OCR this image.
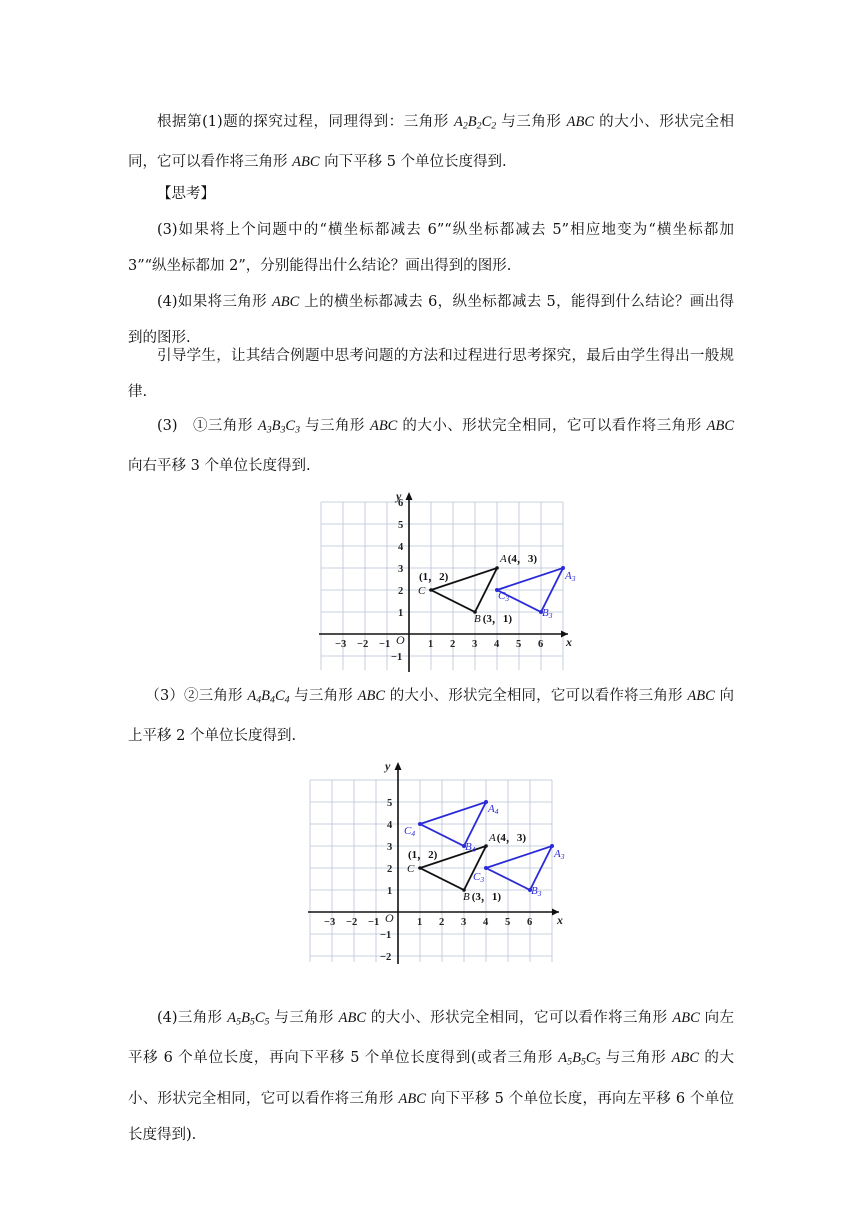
根据第(1)题的探究过程，同理得到：三角形 $A_2B_2C_2$ 与三角形 ABC 的大小、形状完全相同，它可以看作将三角形 ABC 向下平移 5 个单位长度得到.

【思考】

(3)如果将上个问题中的“横坐标都减去 6”“纵坐标都减去 5”相应地变为“横坐标都加 3”“纵坐标都加 2”，分别能得出什么结论？画出得到的图形.

(4)如果将三角形 ABC 上的横坐标都减去 6，纵坐标都减去 5，能得到什么结论？画出得到的图形.

引导学生，让其结合例题中思考问题的方法和过程进行思考探究，最后由学生得出一般规律.

(3)　①三角形 $A_3B_3C_3$ 与三角形 ABC 的大小、形状完全相同，它可以看作将三角形 ABC 向右平移 3 个单位长度得到.

x
y
O
−3 −2 −1	1 2 3 4 5 6
−1
1
2
3
4
5
6
A(4，3)
B (3，1)
(1，2)
C
A3
B3
C3

（3）②三角形 $A_4B_4C_4$ 与三角形 ABC 的大小、形状完全相同，它可以看作将三角形 ABC 向上平移 2 个单位长度得到.

x
y
O
−3 −2 −1	1 2 3 4 5 6
−2
−1
1
2
3
4
5
A(4，3)
B (3，1)
(1，2)
C
A3
B3
C3
A4
B4
C4

(4)三角形 $A_5B_5C_5$ 与三角形 ABC 的大小、形状完全相同，它可以看作将三角形 ABC 向左平移 6 个单位长度，再向下平移 5 个单位长度得到(或者三角形 $A_5B_5C_5$ 与三角形 ABC 的大小、形状完全相同，它可以看作将三角形 ABC 向下平移 5 个单位长度，再向左平移 6 个单位长度得到).
